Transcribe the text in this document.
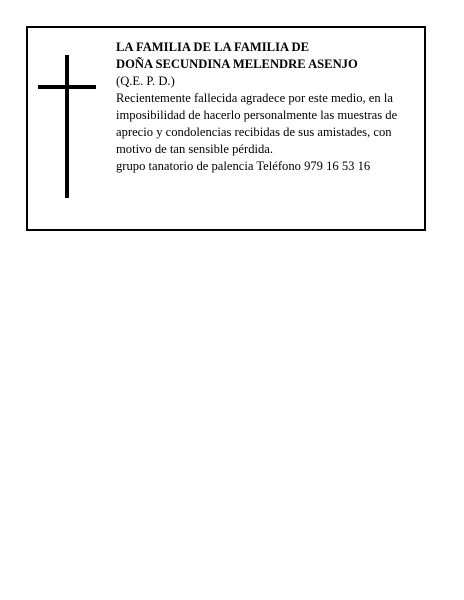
LA FAMILIA DE LA FAMILIA DE
DOÑA SECUNDINA MELENDRE ASENJO
(Q.E. P. D.)
Recientemente fallecida agradece por este medio, en la
imposibilidad de hacerlo personalmente las muestras de
aprecio y condolencias recibidas de sus amistades, con
motivo de tan sensible pérdida.
grupo tanatorio de palencia Teléfono 979 16 53 16
